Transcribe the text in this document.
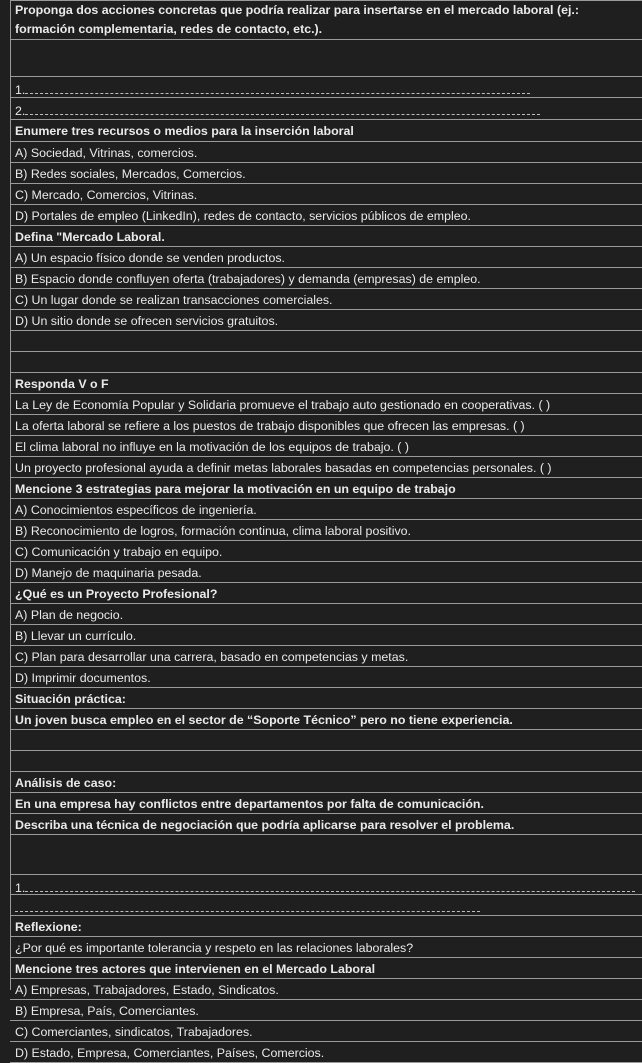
Proponga dos acciones concretas que podría realizar para insertarse en el mercado laboral (ej.: formación complementaria, redes de contacto, etc.).
1.
2.
Enumere tres recursos o medios para la inserción laboral
A) Sociedad, Vitrinas, comercios.
B) Redes sociales, Mercados, Comercios.
C) Mercado, Comercios, Vitrinas.
D) Portales de empleo (LinkedIn), redes de contacto, servicios públicos de empleo.
Defina "Mercado Laboral.
A) Un espacio físico donde se venden productos.
B) Espacio donde confluyen oferta (trabajadores) y demanda (empresas) de empleo.
C) Un lugar donde se realizan transacciones comerciales.
D) Un sitio donde se ofrecen servicios gratuitos.
Responda V o F
La Ley de Economía Popular y Solidaria promueve el trabajo auto gestionado en cooperativas. ( )
La oferta laboral se refiere a los puestos de trabajo disponibles que ofrecen las empresas. ( )
El clima laboral no influye en la motivación de los equipos de trabajo. ( )
Un proyecto profesional ayuda a definir metas laborales basadas en competencias personales. ( )
Mencione 3 estrategias para mejorar la motivación en un equipo de trabajo
A) Conocimientos específicos de ingeniería.
B) Reconocimiento de logros, formación continua, clima laboral positivo.
C) Comunicación y trabajo en equipo.
D) Manejo de maquinaria pesada.
¿Qué es un Proyecto Profesional?
A) Plan de negocio.
B) Llevar un currículo.
C) Plan para desarrollar una carrera, basado en competencias y metas.
D) Imprimir documentos.
Situación práctica:
Un joven busca empleo en el sector de “Soporte Técnico” pero no tiene experiencia.
Análisis de caso:
En una empresa hay conflictos entre departamentos por falta de comunicación.
Describa una técnica de negociación que podría aplicarse para resolver el problema.
1.
Reflexione:
¿Por qué es importante tolerancia y respeto en las relaciones laborales?
Mencione tres actores que intervienen en el Mercado Laboral
A) Empresas, Trabajadores, Estado, Sindicatos.
B) Empresa, País, Comerciantes.
C) Comerciantes, sindicatos, Trabajadores.
D) Estado, Empresa, Comerciantes, Países, Comercios.
